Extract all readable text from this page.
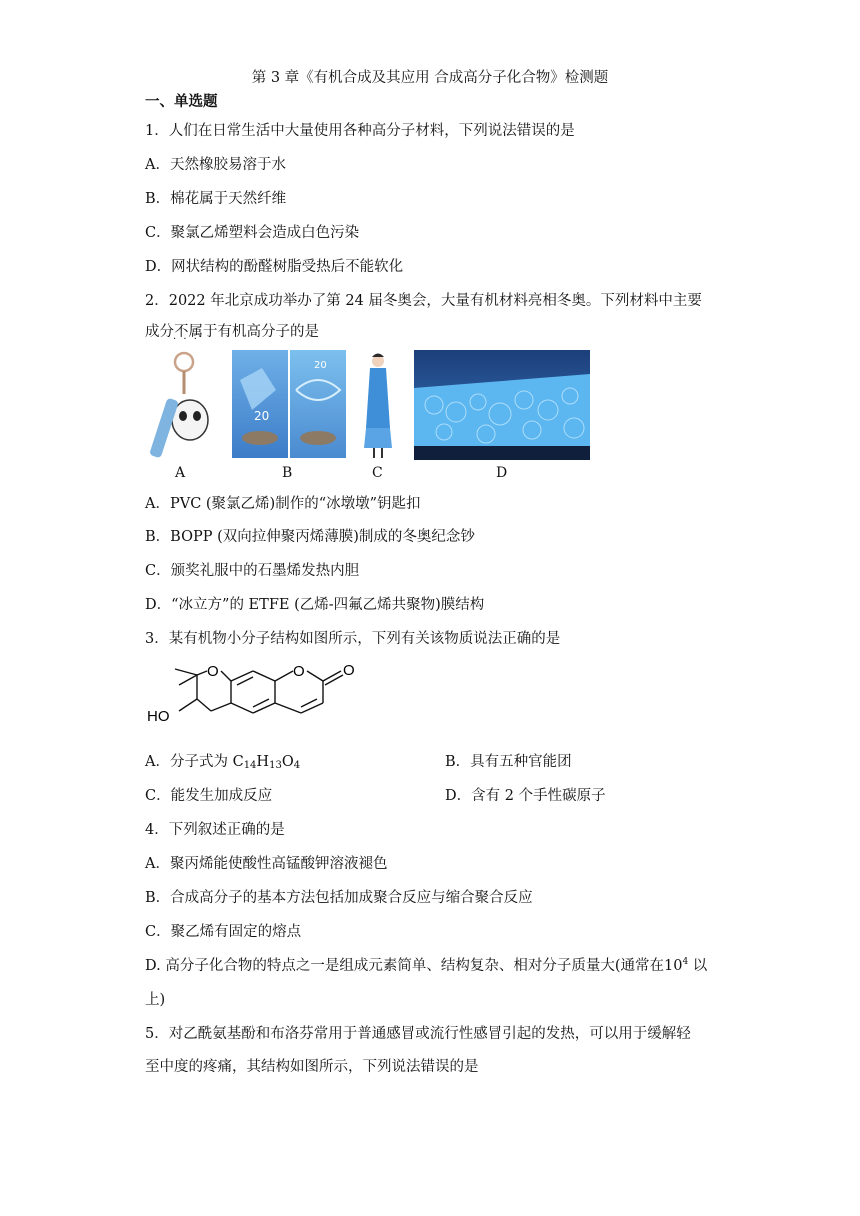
第 3 章《有机合成及其应用 合成高分子化合物》检测题
一、单选题
1．人们在日常生活中大量使用各种高分子材料，下列说法错误的是
A．天然橡胶易溶于水
B．棉花属于天然纤维
C．聚氯乙烯塑料会造成白色污染
D．网状结构的酚醛树脂受热后不能软化
2．2022 年北京成功举办了第 24 届冬奥会，大量有机材料亮相冬奥。下列材料中主要
成分不属于有机高分子的是 · · ·
20
20
A	B	C	D
A．PVC (聚氯乙烯)制作的“冰墩墩”钥匙扣
B．BOPP (双向拉伸聚丙烯薄膜)制成的冬奥纪念钞
C．颁奖礼服中的石墨烯发热内胆
D．“冰立方”的 ETFE (乙烯-四氟乙烯共聚物)膜结构
3．某有机物小分子结构如图所示，下列有关该物质说法正确的是
O	O	O
HO
A．分子式为 $C_{14}H_{13}O_4$	B．具有五种官能团
C．能发生加成反应	D．含有 2 个手性碳原子
4．下列叙述正确的是
A．聚丙烯能使酸性高锰酸钾溶液褪色
B．合成高分子的基本方法包括加成聚合反应与缩合聚合反应
C．聚乙烯有固定的熔点
D. 高分子化合物的特点之一是组成元素简单、结构复杂、相对分子质量大(通常在$10^4$ 以
上)
5．对乙酰氨基酚和布洛芬常用于普通感冒或流行性感冒引起的发热，可以用于缓解轻
至中度的疼痛，其结构如图所示，下列说法错误的是
